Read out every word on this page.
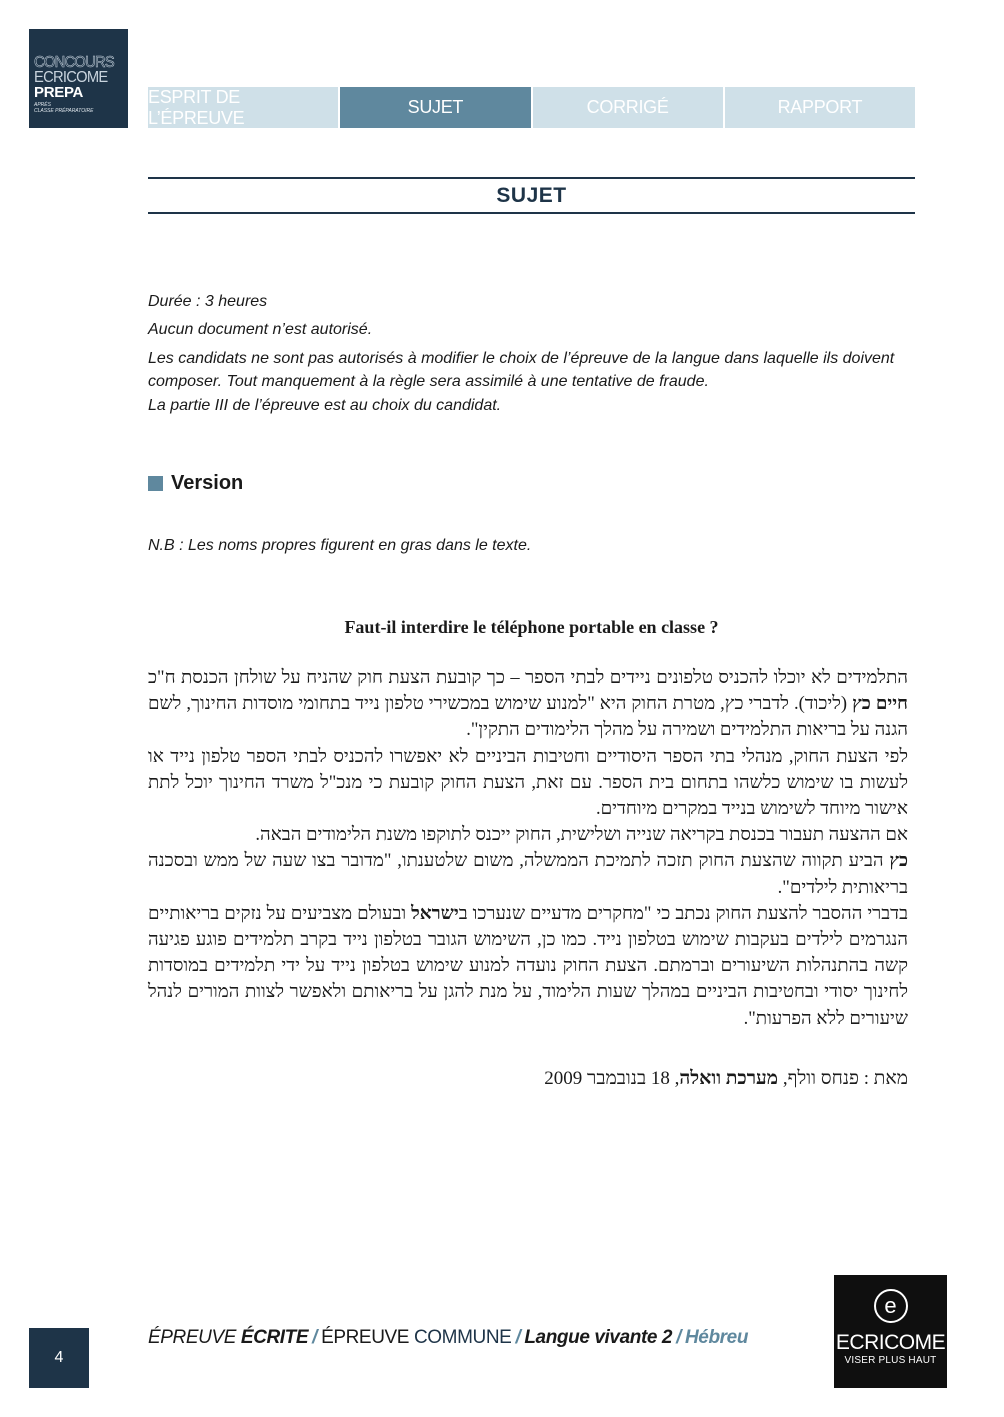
CONCOURS
ECRICOME
PREPA
APRÈS
CLASSE PRÉPARATOIRE
ESPRIT DE L’ÉPREUVE
SUJET	CORRIGÉ	RAPPORT
SUJET
Durée : 3 heures
Aucun document n’est autorisé.
Les candidats ne sont pas autorisés à modifier le choix de l’épreuve de la langue dans laquelle ils doivent composer. Tout manquement à la règle sera assimilé à une tentative de fraude.
La partie III de l’épreuve est au choix du candidat.
Version
N.B : Les noms propres figurent en gras dans le texte.
Faut-il interdire le téléphone portable en classe ?

התלמידים לא יוכלו להכניס טלפונים ניידים לבתי הספר – כך קובעת הצעת חוק שהניח על שולחן הכנסת ח"כ חיים כץ (ליכוד). לדברי כץ, מטרת החוק היא "למנוע שימוש במכשירי טלפון נייד בתחומי מוסדות החינוך, לשם הגנה על בריאות התלמידים ושמירה על מהלך הלימודים התקין".

לפי הצעת החוק, מנהלי בתי הספר היסודיים וחטיבות הביניים לא יאפשרו להכניס לבתי הספר טלפון נייד או לעשות בו שימוש כלשהו בתחום בית הספר. עם זאת, הצעת החוק קובעת כי מנכ"ל משרד החינוך יוכל לתת אישור מיוחד לשימוש בנייד במקרים מיוחדים.

אם ההצעה תעבור בכנסת בקריאה שנייה ושלישית, החוק ייכנס לתוקפו משנת הלימודים הבאה.

כץ הביע תקווה שהצעת החוק תזכה לתמיכת הממשלה, משום שלטענתו, "מדובר בצו שעה של ממש ובסכנה בריאותית לילדים".

בדברי ההסבר להצעת החוק נכתב כי "מחקרים מדעיים שנערכו בישראל ובעולם מצביעים על נזקים בריאותיים הנגרמים לילדים בעקבות שימוש בטלפון נייד. כמו כן, השימוש הגובר בטלפון נייד בקרב תלמידים פוגע פגיעה קשה בהתנהלות השיעורים וברמתם. הצעת החוק נועדה למנוע שימוש בטלפון נייד על ידי תלמידים במוסדות לחינוך יסודי ובחטיבות הביניים במהלך שעות הלימוד, על מנת להגן על בריאותם ולאפשר לצוות המורים לנהל שיעורים ללא הפרעות".

מאת : פנחס וולף, מערכת וואלה, 18 בנובמבר 2009
4
ÉPREUVE ÉCRITE / ÉPREUVE COMMUNE / Langue vivante 2 / Hébreu
e
ECRICOME
VISER PLUS HAUT
